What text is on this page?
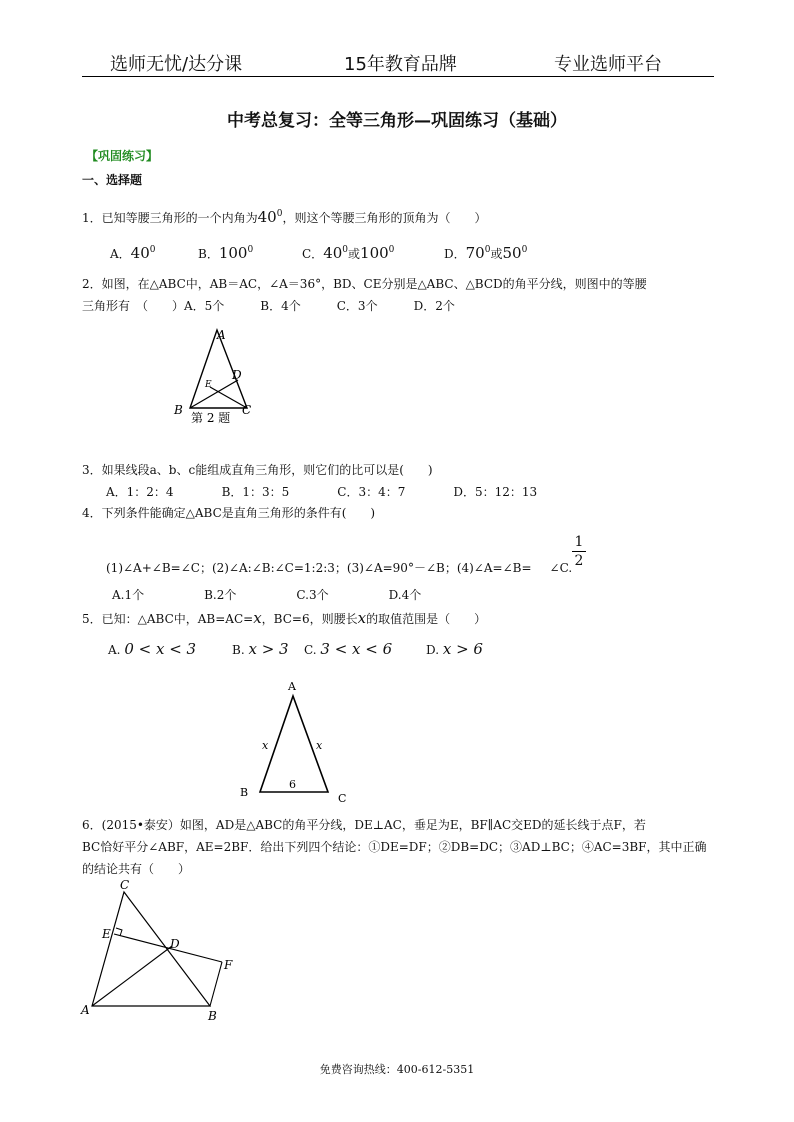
选师无忧/达分课	15年教育品牌	专业选师平台
中考总复习：全等三角形—巩固练习（基础）
【巩固练习】
一、选择题
1．已知等腰三角形的一个内角为$40^0$，则这个等腰三角形的顶角为（　　）
A．$40^0$	B．$100^0$	C．$40^0$或$100^0$	D．$70^0$或$50^0$
2．如图，在△ABC中，AB＝AC，∠A＝36°，BD、CE分别是△ABC、△BCD的角平分线，则图中的等腰
三角形有　（　　）A．5个　　　B．4个　　　C．3个　　　D．2个
A
B	C
D
E
第 2 题
3．如果线段a、b、c能组成直角三角形，则它们的比可以是(　　)
A．1：2：4　　　　B．1：3：5　　　　C．3：4：7　　　　D．5：12：13
4．下列条件能确定△ABC是直角三角形的条件有(　　)
(1)∠A+∠B=∠C；(2)∠A:∠B:∠C=1:2:3；(3)∠A=90°－∠B；(4)∠A=∠B= ∠C. $\frac{1}{2}$
A.1个　　　　　B.2个　　　　　C.3个　　　　　D.4个
5．已知：△ABC中，AB=AC=x，BC=6，则腰长x的取值范围是（　　）
A. 0 < x < 3	B. x > 3 C. 3 < x < 6	D. x > 6
A
B	C
x	x
6
6．(2015•泰安）如图，AD是△ABC的角平分线，DE⊥AC，垂足为E，BF∥AC交ED的延长线于点F，若
BC恰好平分∠ABF，AE=2BF．给出下列四个结论：①DE=DF；②DB=DC；③AD⊥BC；④AC=3BF，其中正确
的结论共有（　　）
C
E
D
F
A	B
免费咨询热线：400-612-5351
